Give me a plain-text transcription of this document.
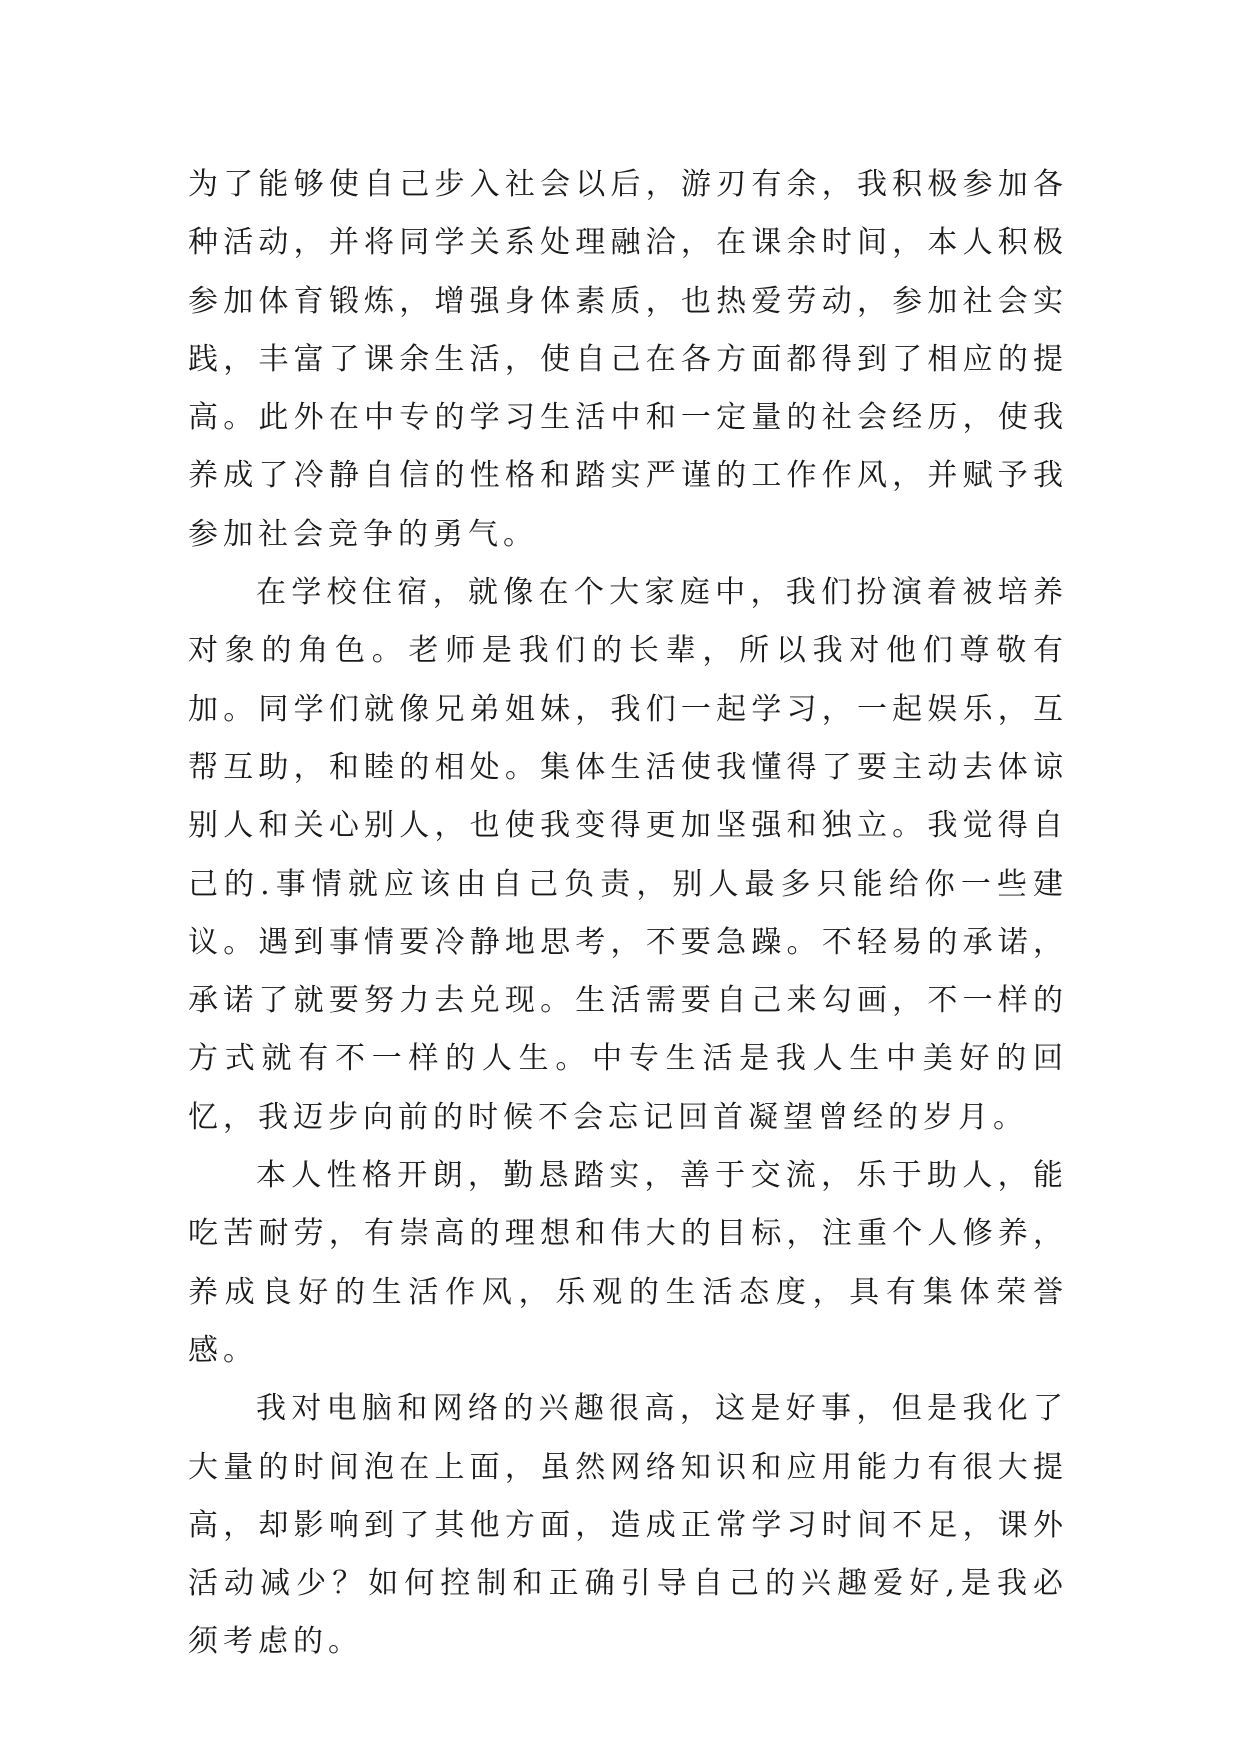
为了能够使自己步入社会以后，游刃有余，我积极参加各种活动，并将同学关系处理融洽，在课余时间，本人积极参加体育锻炼，增强身体素质，也热爱劳动，参加社会实践，丰富了课余生活，使自己在各方面都得到了相应的提高。此外在中专的学习生活中和一定量的社会经历，使我养成了冷静自信的性格和踏实严谨的工作作风，并赋予我参加社会竞争的勇气。

在学校住宿，就像在个大家庭中，我们扮演着被培养对象的角色。老师是我们的长辈，所以我对他们尊敬有加。同学们就像兄弟姐妹，我们一起学习，一起娱乐，互帮互助，和睦的相处。集体生活使我懂得了要主动去体谅别人和关心别人，也使我变得更加坚强和独立。我觉得自己的.事情就应该由自己负责，别人最多只能给你一些建议。遇到事情要冷静地思考，不要急躁。不轻易的承诺，承诺了就要努力去兑现。生活需要自己来勾画，不一样的方式就有不一样的人生。中专生活是我人生中美好的回忆，我迈步向前的时候不会忘记回首凝望曾经的岁月。

本人性格开朗，勤恳踏实，善于交流，乐于助人，能吃苦耐劳，有崇高的理想和伟大的目标，注重个人修养，养成良好的生活作风，乐观的生活态度，具有集体荣誉感。

我对电脑和网络的兴趣很高，这是好事，但是我化了大量的时间泡在上面，虽然网络知识和应用能力有很大提高，却影响到了其他方面，造成正常学习时间不足，课外活动减少？如何控制和正确引导自己的兴趣爱好,是我必须考虑的。
